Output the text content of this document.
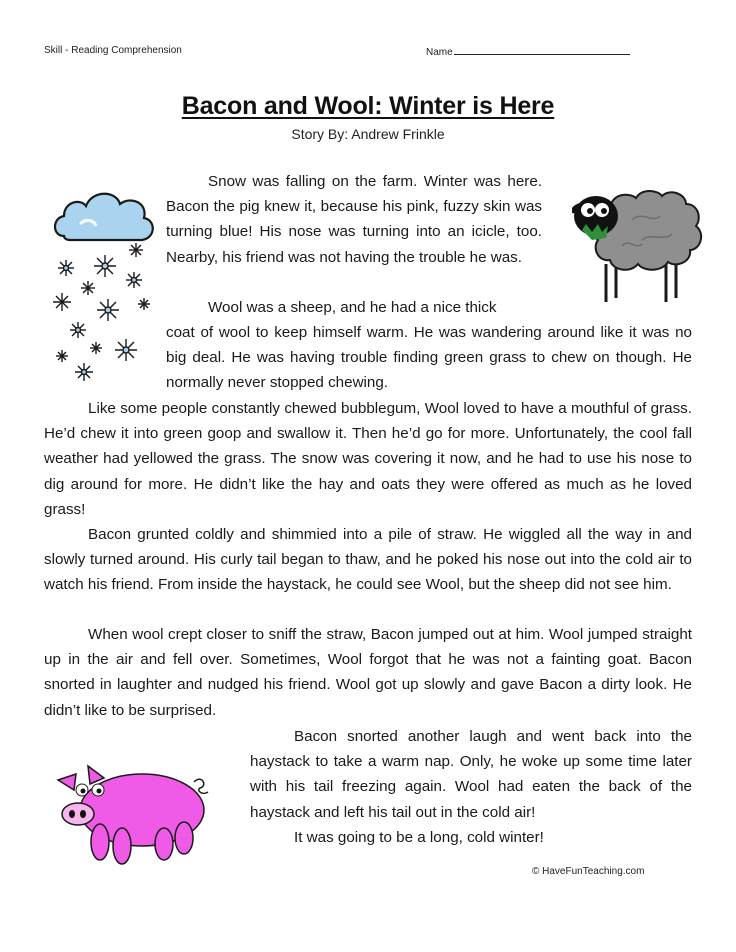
Skill - Reading Comprehension	Name
Bacon and Wool: Winter is Here
Story By: Andrew Frinkle

Snow was falling on the farm. Winter was here. Bacon the pig knew it, because his pink, fuzzy skin was turning blue! His nose was turning into an icicle, too. Nearby, his friend was not having the trouble he was.

Wool was a sheep, and he had a nice thick

coat of wool to keep himself warm. He was wandering around like it was no big deal. He was having trouble finding green grass to chew on though. He normally never stopped chewing.

Like some people constantly chewed bubblegum, Wool loved to have a mouthful of grass. He’d chew it into green goop and swallow it. Then he’d go for more. Unfortunately, the cool fall weather had yellowed the grass. The snow was covering it now, and he had to use his nose to dig around for more. He didn’t like the hay and oats they were offered as much as he loved grass!

Bacon grunted coldly and shimmied into a pile of straw. He wiggled all the way in and slowly turned around. His curly tail began to thaw, and he poked his nose out into the cold air to watch his friend. From inside the haystack, he could see Wool, but the sheep did not see him.

When wool crept closer to sniff the straw, Bacon jumped out at him. Wool jumped straight up in the air and fell over. Sometimes, Wool forgot that he was not a fainting goat. Bacon snorted in laughter and nudged his friend. Wool got up slowly and gave Bacon a dirty look. He didn’t like to be surprised.

Bacon snorted another laugh and went back into the haystack to take a warm nap. Only, he woke up some time later with his tail freezing again. Wool had eaten the back of the haystack and left his tail out in the cold air!

It was going to be a long, cold winter!

© HaveFunTeaching.com
